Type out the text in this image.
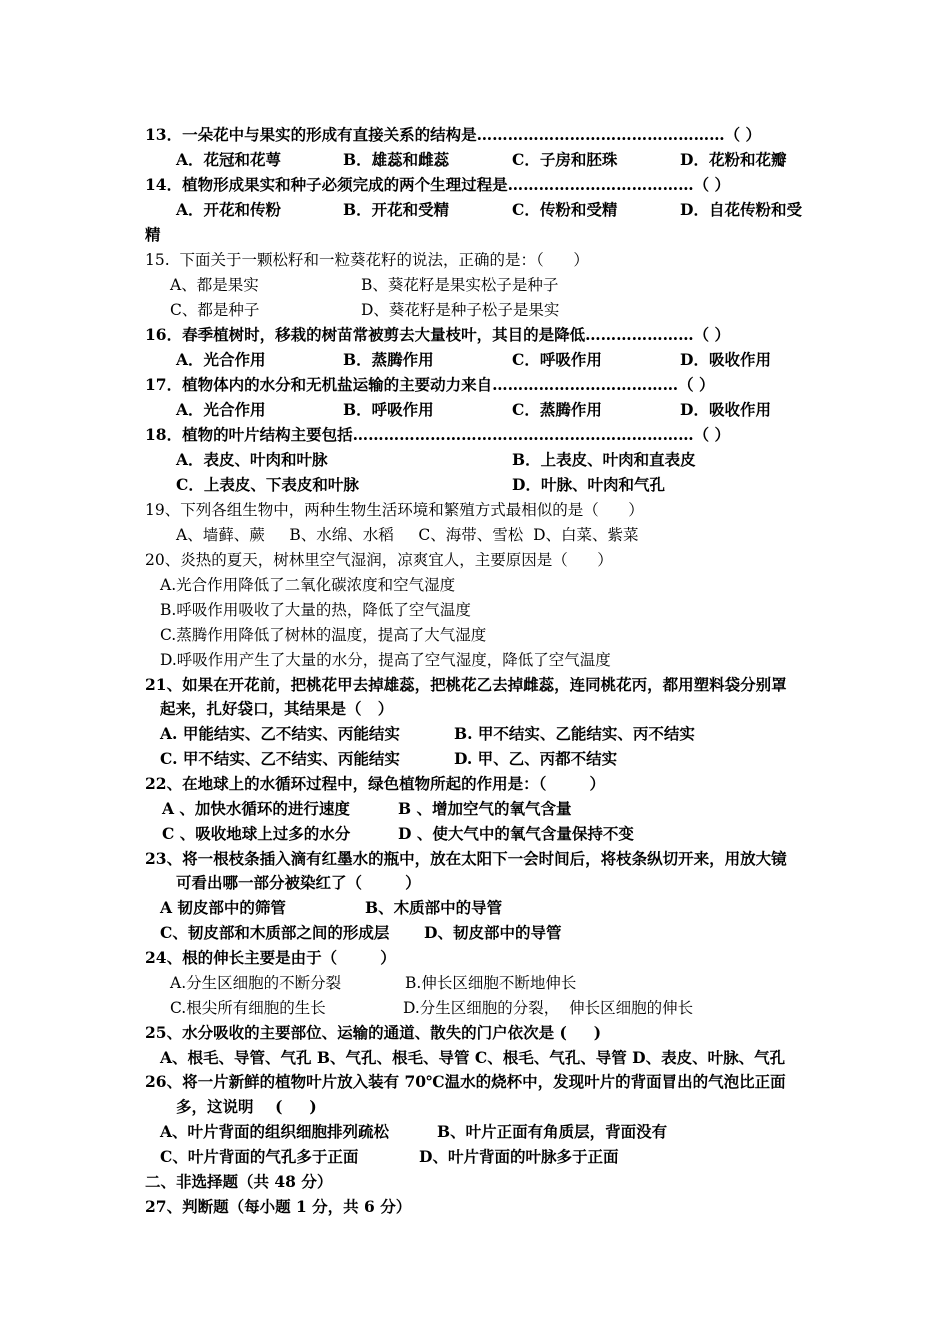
13．一朵花中与果实的形成有直接关系的结构是…………………………………………（ ）
A．花冠和花萼	B．雄蕊和雌蕊	C．子房和胚珠	D．花粉和花瓣
14．植物形成果实和种子必须完成的两个生理过程是………………………………（ ）
A．开花和传粉	B．开花和受精	C．传粉和受精	D．自花传粉和受
精
15.  下面关于一颗松籽和一粒葵花籽的说法，正确的是：（      ）
A、都是果实	B、葵花籽是果实松子是种子
C、都是种子	D、葵花籽是种子松子是果实
16．春季植树时，移栽的树苗常被剪去大量枝叶，其目的是降低…………………（ ）
A．光合作用	B．蒸腾作用	C．呼吸作用	D．吸收作用
17．植物体内的水分和无机盐运输的主要动力来自………………………………（ ）
A．光合作用	B．呼吸作用	C．蒸腾作用	D．吸收作用
18．植物的叶片结构主要包括…………………………………………………………（ ）
A．表皮、叶肉和叶脉	B．上表皮、叶肉和直表皮
C．上表皮、下表皮和叶脉	D．叶脉、叶肉和气孔
19、下列各组生物中，两种生物生活环境和繁殖方式最相似的是（      ）
A、墙藓、蕨     B、水绵、水稻     C、海带、雪松  D、白菜、紫菜
20、炎热的夏天，树林里空气湿润，凉爽宜人，主要原因是（      ）
A.光合作用降低了二氧化碳浓度和空气湿度
B.呼吸作用吸收了大量的热，降低了空气温度
C.蒸腾作用降低了树林的温度，提高了大气湿度
D.呼吸作用产生了大量的水分，提高了空气湿度，降低了空气温度
21、如果在开花前，把桃花甲去掉雄蕊，把桃花乙去掉雌蕊，连同桃花丙，都用塑料袋分别罩
起来，扎好袋口，其结果是（   ）
A. 甲能结实、乙不结实、丙能结实	B. 甲不结实、乙能结实、丙不结实
C. 甲不结实、乙不结实、丙能结实	D. 甲、乙、丙都不结实
22、在地球上的水循环过程中，绿色植物所起的作用是：（        ）
A 、加快水循环的进行速度	B 、增加空气的氧气含量
C 、吸收地球上过多的水分	D 、使大气中的氧气含量保持不变
23、将一根枝条插入滴有红墨水的瓶中，放在太阳下一会时间后，将枝条纵切开来，用放大镜
可看出哪一部分被染红了（        ）
A 韧皮部中的筛管	B、木质部中的导管
C、韧皮部和木质部之间的形成层 D、韧皮部中的导管
24、根的伸长主要是由于（        ）
A.分生区细胞的不断分裂	B.伸长区细胞不断地伸长
C.根尖所有细胞的生长	D.分生区细胞的分裂，  伸长区细胞的伸长
25、水分吸收的主要部位、运输的通道、散失的门户依次是 (     )
A、根毛、导管、气孔 B、气孔、根毛、导管 C、根毛、气孔、导管 D、表皮、叶脉、气孔
26、将一片新鲜的植物叶片放入装有 70℃温水的烧杯中，发现叶片的背面冒出的气泡比正面
多，这说明    (     )
A、叶片背面的组织细胞排列疏松	B、叶片正面有角质层，背面没有
C、叶片背面的气孔多于正面	D、叶片背面的叶脉多于正面
二、非选择题（共 48 分）
27、判断题（每小题 1 分，共 6 分）
